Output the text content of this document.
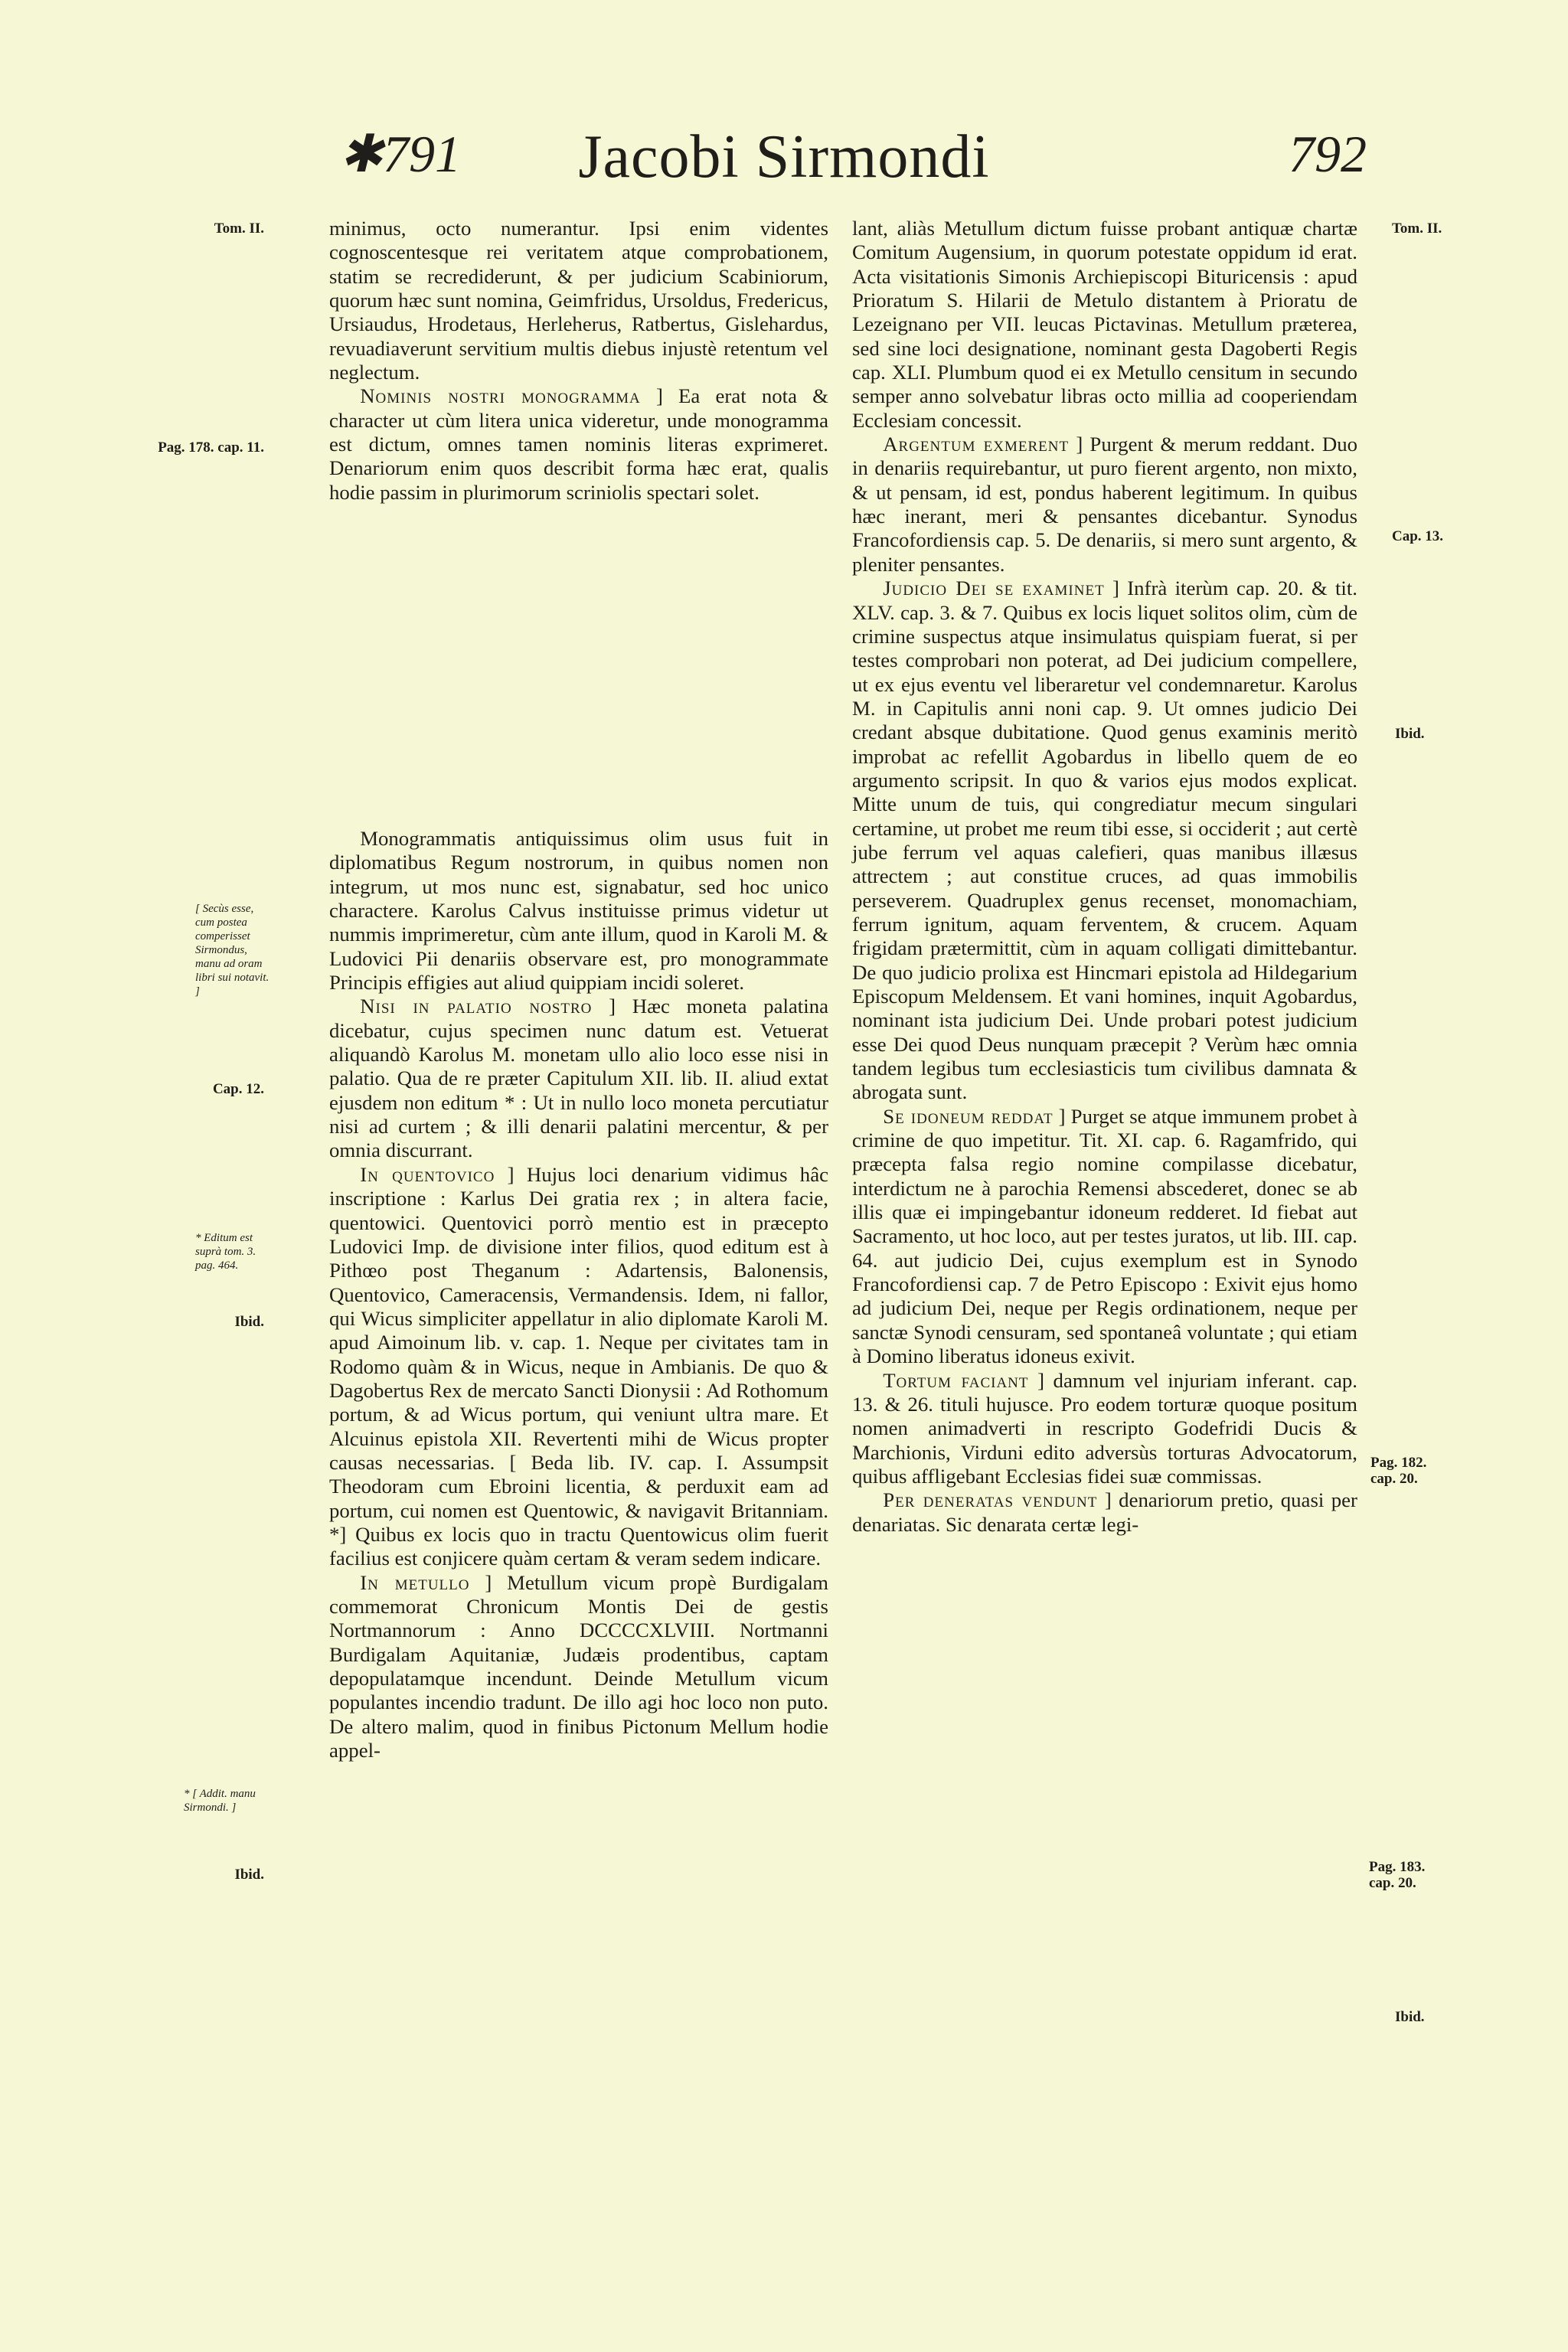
✱791	Jacobi Sirmondi	792
Tom. II.
Pag. 178. cap. 11.
[ Secùs esse, cum postea comperisset Sirmondus, manu ad oram libri sui notavit. ]
Cap. 12.
* Editum est suprà tom. 3. pag. 464.
Ibid.
* [ Addit. manu Sirmondi. ]
Ibid.
Tom. II.
Cap. 13.
Ibid.
Pag. 182. cap. 20.
Pag. 183. cap. 20.
Ibid.

minimus, octo numerantur. Ipsi enim videntes cognoscentesque rei veritatem atque comprobationem, statim se recrediderunt, & per judicium Scabiniorum, quorum hæc sunt nomina, Geimfridus, Ursoldus, Fredericus, Ursiaudus, Hrodetaus, Herleherus, Ratbertus, Gislehardus, revuadiaverunt servitium multis diebus injustè retentum vel neglectum.

Nominis nostri monogramma ] Ea erat nota & character ut cùm litera unica videretur, unde monogramma est dictum, omnes tamen nominis literas exprimeret. Denariorum enim quos describit forma hæc erat, qualis hodie passim in plurimorum scriniolis spectari solet.

Monogrammatis antiquissimus olim usus fuit in diplomatibus Regum nostrorum, in quibus nomen non integrum, ut mos nunc est, signabatur, sed hoc unico charactere. Karolus Calvus instituisse primus videtur ut nummis imprimeretur, cùm ante illum, quod in Karoli M. & Ludovici Pii denariis observare est, pro monogrammate Principis effigies aut aliud quippiam incidi soleret.

Nisi in palatio nostro ] Hæc moneta palatina dicebatur, cujus specimen nunc datum est. Vetuerat aliquandò Karolus M. monetam ullo alio loco esse nisi in palatio. Qua de re præter Capitulum XII. lib. II. aliud extat ejusdem non editum * : Ut in nullo loco moneta percutiatur nisi ad curtem ; & illi denarii palatini mercentur, & per omnia discurrant.

In quentovico ] Hujus loci denarium vidimus hâc inscriptione : Karlus Dei gratia rex ; in altera facie, quentowici. Quentovici porrò mentio est in præcepto Ludovici Imp. de divisione inter filios, quod editum est à Pithœo post Theganum : Adartensis, Balonensis, Quentovico, Cameracensis, Vermandensis. Idem, ni fallor, qui Wicus simpliciter appellatur in alio diplomate Karoli M. apud Aimoinum lib. v. cap. 1. Neque per civitates tam in Rodomo quàm & in Wicus, neque in Ambianis. De quo & Dagobertus Rex de mercato Sancti Dionysii : Ad Rothomum portum, & ad Wicus portum, qui veniunt ultra mare. Et Alcuinus epistola XII. Revertenti mihi de Wicus propter causas necessarias. [ Beda lib. IV. cap. I. Assumpsit Theodoram cum Ebroini licentia, & perduxit eam ad portum, cui nomen est Quentowic, & navigavit Britanniam. *] Quibus ex locis quo in tractu Quentowicus olim fuerit facilius est conjicere quàm certam & veram sedem indicare.

In metullo ] Metullum vicum propè Burdigalam commemorat Chronicum Montis Dei de gestis Nortmannorum : Anno DCCCCXLVIII. Nortmanni Burdigalam Aquitaniæ, Judæis prodentibus, captam depopulatamque incendunt. Deinde Metullum vicum populantes incendio tradunt. De illo agi hoc loco non puto. De altero malim, quod in finibus Pictonum Mellum hodie appel-

lant, aliàs Metullum dictum fuisse probant antiquæ chartæ Comitum Augensium, in quorum potestate oppidum id erat. Acta visitationis Simonis Archiepiscopi Bituricensis : apud Prioratum S. Hilarii de Metulo distantem à Prioratu de Lezeignano per VII. leucas Pictavinas. Metullum præterea, sed sine loci designatione, nominant gesta Dagoberti Regis cap. XLI. Plumbum quod ei ex Metullo censitum in secundo semper anno solvebatur libras octo millia ad cooperiendam Ecclesiam concessit.

Argentum exmerent ] Purgent & merum reddant. Duo in denariis requirebantur, ut puro fierent argento, non mixto, & ut pensam, id est, pondus haberent legitimum. In quibus hæc inerant, meri & pensantes dicebantur. Synodus Francofordiensis cap. 5. De denariis, si mero sunt argento, & pleniter pensantes.

Judicio Dei se examinet ] Infrà iterùm cap. 20. & tit. XLV. cap. 3. & 7. Quibus ex locis liquet solitos olim, cùm de crimine suspectus atque insimulatus quispiam fuerat, si per testes comprobari non poterat, ad Dei judicium compellere, ut ex ejus eventu vel liberaretur vel condemnaretur. Karolus M. in Capitulis anni noni cap. 9. Ut omnes judicio Dei credant absque dubitatione. Quod genus examinis meritò improbat ac refellit Agobardus in libello quem de eo argumento scripsit. In quo & varios ejus modos explicat. Mitte unum de tuis, qui congrediatur mecum singulari certamine, ut probet me reum tibi esse, si occiderit ; aut certè jube ferrum vel aquas calefieri, quas manibus illæsus attrectem ; aut constitue cruces, ad quas immobilis perseverem. Quadruplex genus recenset, monomachiam, ferrum ignitum, aquam ferventem, & crucem. Aquam frigidam prætermittit, cùm in aquam colligati dimittebantur. De quo judicio prolixa est Hincmari epistola ad Hildegarium Episcopum Meldensem. Et vani homines, inquit Agobardus, nominant ista judicium Dei. Unde probari potest judicium esse Dei quod Deus nunquam præcepit ? Verùm hæc omnia tandem legibus tum ecclesiasticis tum civilibus damnata & abrogata sunt.

Se idoneum reddat ] Purget se atque immunem probet à crimine de quo impetitur. Tit. XI. cap. 6. Ragamfrido, qui præcepta falsa regio nomine compilasse dicebatur, interdictum ne à parochia Remensi abscederet, donec se ab illis quæ ei impingebantur idoneum redderet. Id fiebat aut Sacramento, ut hoc loco, aut per testes juratos, ut lib. III. cap. 64. aut judicio Dei, cujus exemplum est in Synodo Francofordiensi cap. 7 de Petro Episcopo : Exivit ejus homo ad judicium Dei, neque per Regis ordinationem, neque per sanctæ Synodi censuram, sed spontaneâ voluntate ; qui etiam à Domino liberatus idoneus exivit.

Tortum faciant ] damnum vel injuriam inferant. cap. 13. & 26. tituli hujusce. Pro eodem torturæ quoque positum nomen animadverti in rescripto Godefridi Ducis & Marchionis, Virduni edito adversùs torturas Advocatorum, quibus affligebant Ecclesias fidei suæ commissas.

Per deneratas vendunt ] denariorum pretio, quasi per denariatas. Sic denarata certæ legi-
